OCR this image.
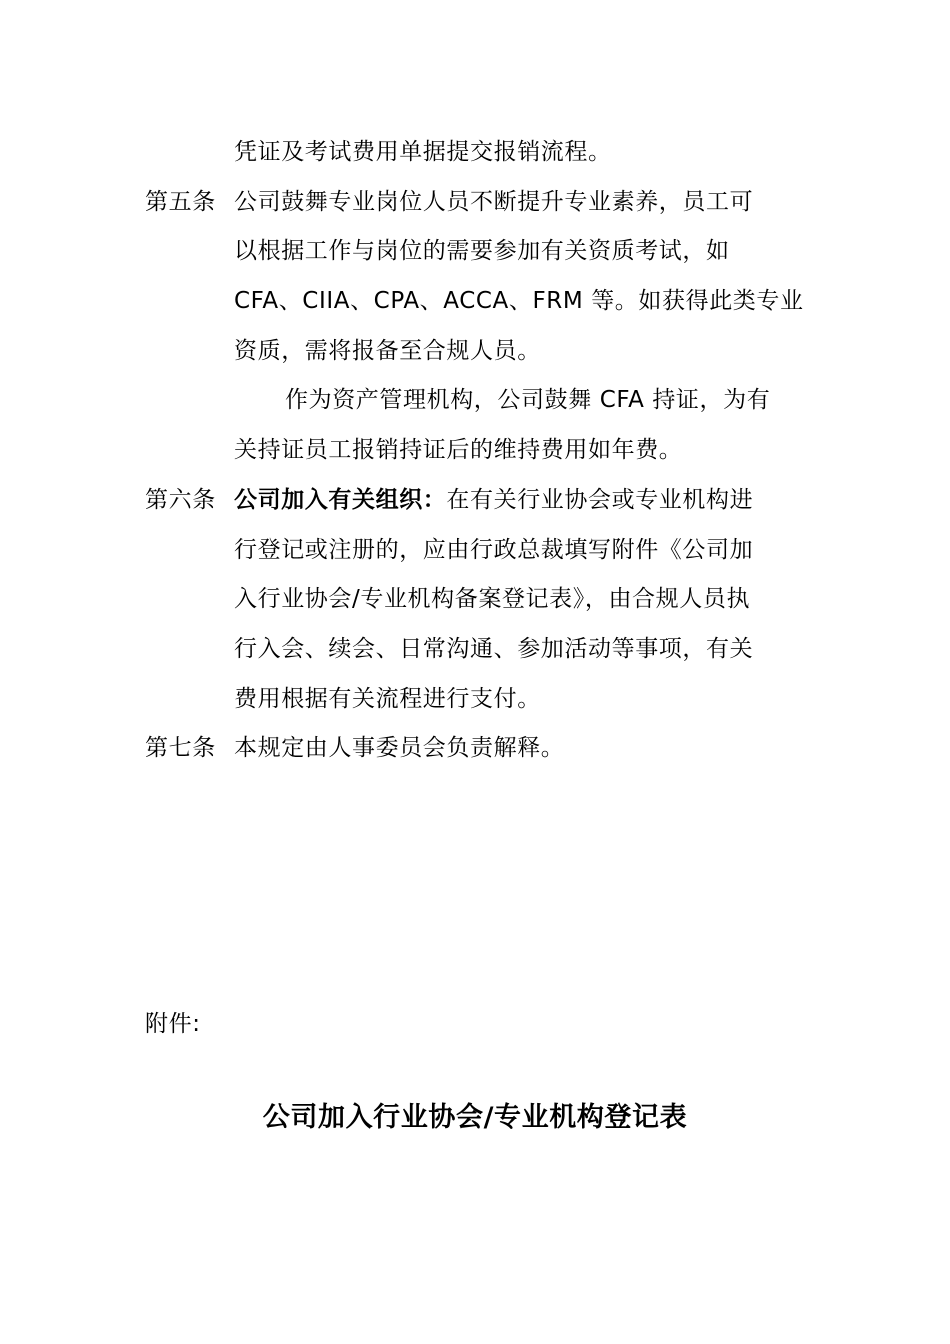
凭证及考试费用单据提交报销流程。
第五条 公司鼓舞专业岗位人员不断提升专业素养，员工可
以根据工作与岗位的需要参加有关资质考试，如
CFA、CIIA、CPA、ACCA、FRM 等。如获得此类专业
资质，需将报备至合规人员。
作为资产管理机构，公司鼓舞 CFA 持证，为有
关持证员工报销持证后的维持费用如年费。
第六条 公司加入有关组织：在有关行业协会或专业机构进
行登记或注册的，应由行政总裁填写附件《公司加
入行业协会/专业机构备案登记表》，由合规人员执
行入会、续会、日常沟通、参加活动等事项，有关
费用根据有关流程进行支付。
第七条 本规定由人事委员会负责解释。
附件:
公司加入行业协会/专业机构登记表
